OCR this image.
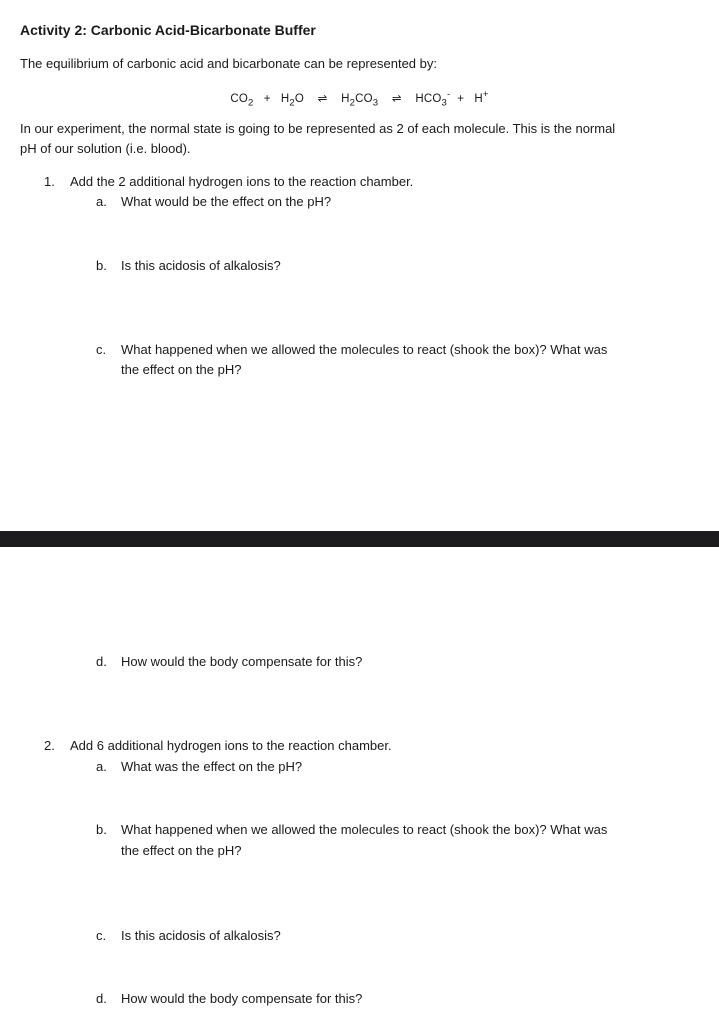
Activity 2: Carbonic Acid-Bicarbonate Buffer
The equilibrium of carbonic acid and bicarbonate can be represented by:
$CO_2 + H_2O$ ⇌ $H_2CO_3$ ⇌ $HCO_3^- + H^+$
In our experiment, the normal state is going to be represented as 2 of each molecule. This is the normal
pH of our solution (i.e. blood).
1. Add the 2 additional hydrogen ions to the reaction chamber.
a. What would be the effect on the pH?
b. Is this acidosis of alkalosis?
c. What happened when we allowed the molecules to react (shook the box)? What was
the effect on the pH?
d. How would the body compensate for this?
2. Add 6 additional hydrogen ions to the reaction chamber.
a. What was the effect on the pH?
b. What happened when we allowed the molecules to react (shook the box)? What was
the effect on the pH?
c. Is this acidosis of alkalosis?
d. How would the body compensate for this?
